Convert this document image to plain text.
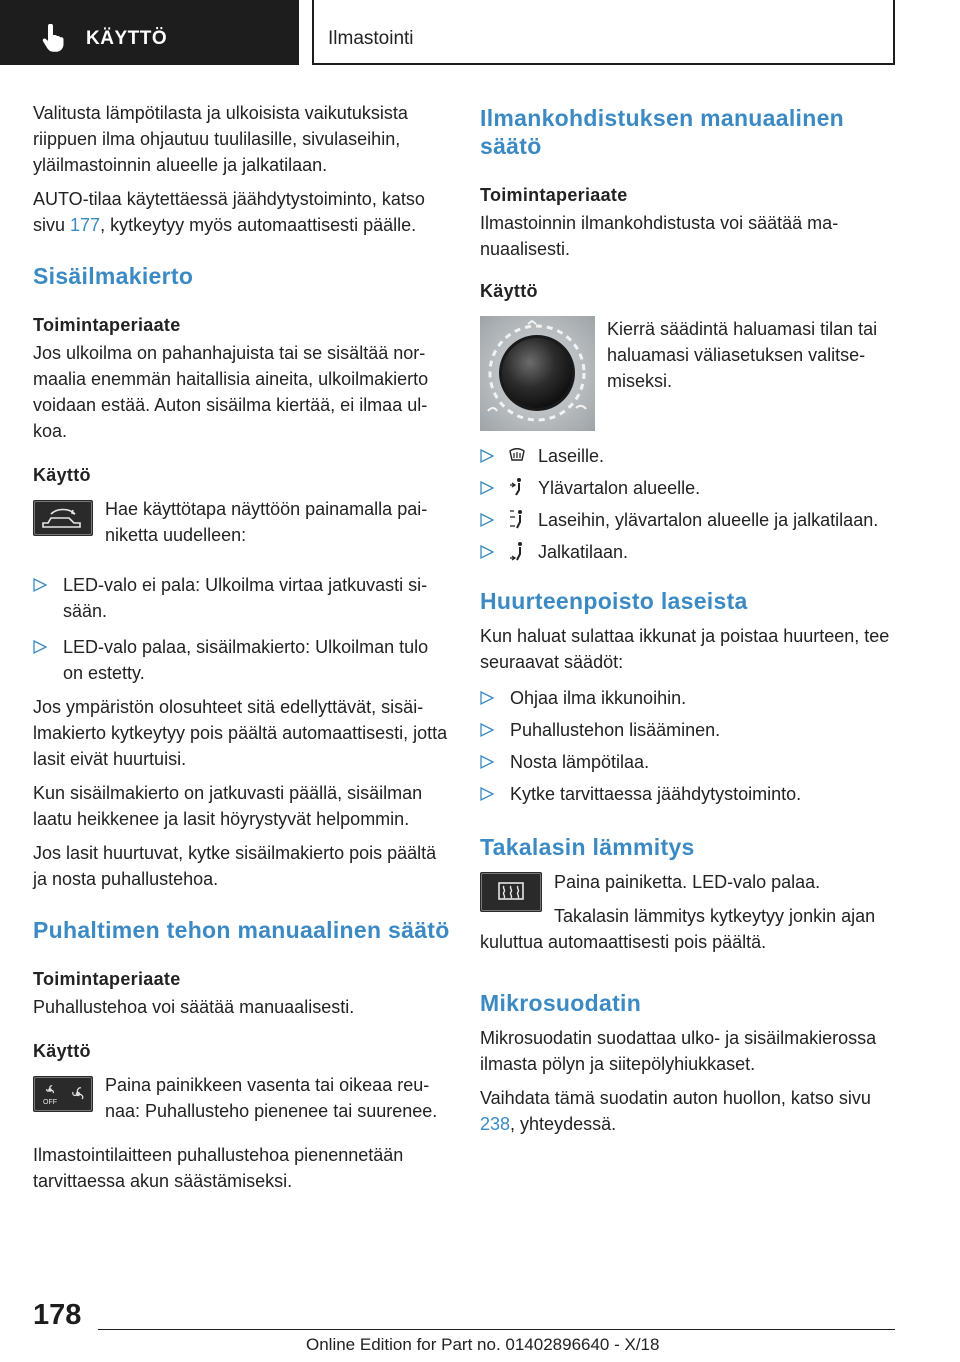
KÄYTTÖ	Ilmastointi

Valitusta lämpötilasta ja ulkoisista vaikutuksista riippuen ilma ohjautuu tuulilasille, sivulaseihin, yläilmastoinnin alueelle ja jalkatilaan.

AUTO-tilaa käytettäessä jäähdytystoiminto, katso sivu 177, kytkeytyy myös automaattisesti päälle.

Sisäilmakierto
Toimintaperiaate

Jos ulkoilma on pahanhajuista tai se sisältää normaalia enemmän haitallisia aineita, ulkoilmakierto voidaan estää. Auton sisäilma kiertää, ei ilmaa ulkoa.

Käyttö

Hae käyttötapa näyttöön painamalla painiketta uudelleen:

LED-valo ei pala: Ulkoilma virtaa jatkuvasti sisään.
LED-valo palaa, sisäilmakierto: Ulkoilman tulo on estetty.

Jos ympäristön olosuhteet sitä edellyttävät, sisäilmakierto kytkeytyy pois päältä automaattisesti, jotta lasit eivät huurtuisi.

Kun sisäilmakierto on jatkuvasti päällä, sisäilman laatu heikkenee ja lasit höyrystyvät helpommin.

Jos lasit huurtuvat, kytke sisäilmakierto pois päältä ja nosta puhallustehoa.

Puhaltimen tehon manuaalinen säätö
Toimintaperiaate

Puhallustehoa voi säätää manuaalisesti.

Käyttö
OFF

Paina painikkeen vasenta tai oikeaa reunaa: Puhallusteho pienenee tai suurenee.

Ilmastointilaitteen puhallustehoa pienennetään tarvittaessa akun säästämiseksi.

Ilmankohdistuksen manuaalinen säätö
Toimintaperiaate

Ilmastoinnin ilmankohdistusta voi säätää manuaalisesti.

Käyttö

Kierrä säädintä haluamasi tilan tai haluamasi väliasetuksen valitsemiseksi.

Laseille.
Ylävartalon alueelle.
Laseihin, ylävartalon alueelle ja jalkatilaan.
Jalkatilaan.
Huurteenpoisto laseista

Kun haluat sulattaa ikkunat ja poistaa huurteen, tee seuraavat säädöt:

Ohjaa ilma ikkunoihin.
Puhallustehon lisääminen.
Nosta lämpötilaa.
Kytke tarvittaessa jäähdytystoiminto.
Takalasin lämmitys

Paina painiketta. LED-valo palaa.

Takalasin lämmitys kytkeytyy jonkin ajan kuluttua automaattisesti pois päältä.

Mikrosuodatin

Mikrosuodatin suodattaa ulko- ja sisäilmakierossa ilmasta pölyn ja siitepölyhiukkaset.

Vaihdata tämä suodatin auton huollon, katso sivu 238, yhteydessä.

178
Online Edition for Part no. 01402896640 - X/18
